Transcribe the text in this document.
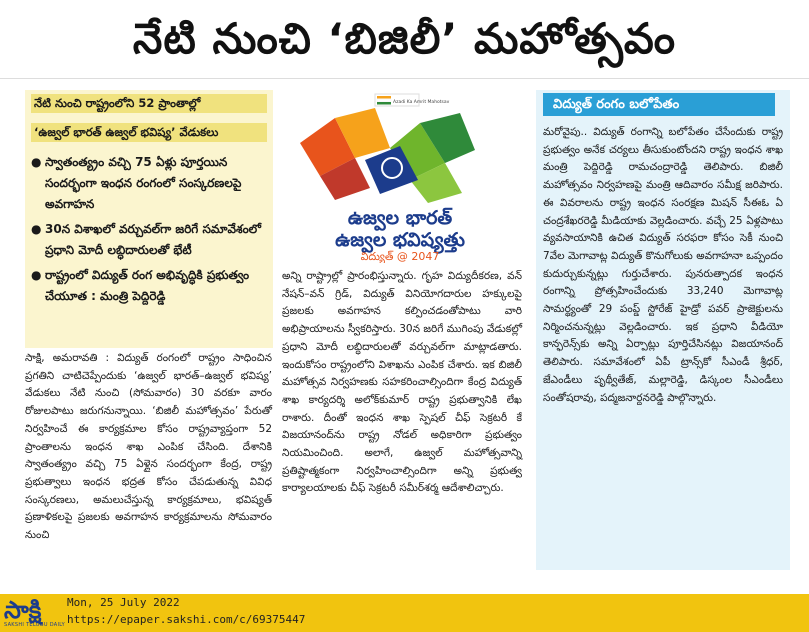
నేటి నుంచి ‘బిజిలీ’ మహోత్సవం
నేటి నుంచి రాష్ట్రంలోని 52 ప్రాంతాల్లో
‘ఉజ్వల్ భారత్ ఉజ్వల్ భవిష్య’ వేడుకలు
● స్వాతంత్య్రం వచ్చి 75 ఏళ్లు పూర్తయిన సందర్భంగా ఇంధన రంగంలో సంస్కరణలపై అవగాహన
● 30న విశాఖలో వర్చువల్‌గా జరిగే సమావేశంలో ప్రధాని మోదీ లబ్ధిదారులతో భేటీ
● రాష్ట్రంలో విద్యుత్ రంగ అభివృద్ధికి ప్రభుత్వం చేయూత : మంత్రి పెద్దిరెడ్డి
Azadi Ka Amrit Mahotsav
ఉజ్వల భారత్
ఉజ్వల భవిష్యత్తు
విద్యుత్ @ 2047
సాక్షి, అమరావతి : విద్యుత్ రంగంలో రాష్ట్రం సాధించిన ప్రగతిని చాటిచెప్పేందుకు ‘ఉజ్వల్ భారత్–ఉజ్వల్ భవిష్య’ వేడుకలు నేటి నుంచి (సోమవారం) 30 వరకూ వారం రోజులపాటు జరుగనున్నాయి. ‘బిజిలీ మహోత్సవం’ పేరుతో నిర్వహించే ఈ కార్యక్రమాల కోసం రాష్ట్రవ్యాప్తంగా 52 ప్రాంతాలను ఇంధన శాఖ ఎంపిక చేసింది. దేశానికి స్వాతంత్య్రం వచ్చి 75 ఏళ్లైన సందర్భంగా కేంద్ర, రాష్ట్ర ప్రభుత్వాలు ఇంధన భద్రత కోసం చేపడుతున్న వివిధ సంస్కరణలు, అమలుచేస్తున్న కార్యక్రమాలు, భవిష్యత్ ప్రణాళికలపై ప్రజలకు అవగాహన కార్యక్రమాలను సోమవారం నుంచి
అన్ని రాష్ట్రాల్లో ప్రారంభిస్తున్నారు. గృహ విద్యుదీకరణ, వన్ నేషన్–వన్ గ్రిడ్, విద్యుత్ వినియోగదారుల హక్కులపై ప్రజలకు అవగాహన కల్పించడంతోపాటు వారి అభిప్రాయాలను స్వీకరిస్తారు. 30న జరిగే ముగింపు వేడుకల్లో ప్రధాని మోదీ లబ్ధిదారులతో వర్చువల్‌గా మాట్లాడతారు. ఇందుకోసం రాష్ట్రంలోని విశాఖను ఎంపిక చేశారు. ఇక బిజిలీ మహోత్సవ నిర్వహణకు సహకరించాల్సిందిగా కేంద్ర విద్యుత్ శాఖ కార్యదర్శి అలోక్‌కుమార్ రాష్ట్ర ప్రభుత్వానికి లేఖ రాశారు. దీంతో ఇంధన శాఖ స్పెషల్ చీఫ్ సెక్రటరీ కే విజయానంద్‌ను రాష్ట్ర నోడల్ అధికారిగా ప్రభుత్వం నియమించింది. అలాగే, ఉజ్వల్ మహోత్సవాన్ని ప్రతిష్టాత్మకంగా నిర్వహించాల్సిందిగా అన్ని ప్రభుత్వ కార్యాలయాలకు చీఫ్ సెక్రటరీ సమీర్‌శర్మ ఆదేశాలిచ్చారు.
విద్యుత్ రంగం బలోపేతం
మరోవైపు.. విద్యుత్ రంగాన్ని బలోపేతం చేసేందుకు రాష్ట్ర ప్రభుత్వం అనేక చర్యలు తీసుకుంటోందని రాష్ట్ర ఇంధన శాఖ మంత్రి పెద్దిరెడ్డి రామచంద్రారెడ్డి తెలిపారు. బిజిలీ మహోత్సవం నిర్వహణపై మంత్రి ఆదివారం సమీక్ష జరిపారు. ఈ వివరాలను రాష్ట్ర ఇంధన సంరక్షణ మిషన్ సీఈఓ ఏ చంద్రశేఖరరెడ్డి మీడియాకు వెల్లడించారు. వచ్చే 25 ఏళ్లపాటు వ్యవసాయానికి ఉచిత విద్యుత్ సరఫరా కోసం సెకీ నుంచి 7వేల మెగావాట్ల విద్యుత్ కొనుగోలుకు అవగాహనా ఒప్పందం కుదుర్చుకున్నట్లు గుర్తుచేశారు. పునరుత్పాదక ఇంధన రంగాన్ని ప్రోత్సహించేందుకు 33,240 మెగావాట్ల సామర్థ్యంతో 29 పంప్డ్ స్టోరేజ్ హైడ్రో పవర్ ప్రాజెక్టులను నిర్మించనున్నట్లు వెల్లడించారు. ఇక ప్రధాని వీడియో కాన్ఫరెన్స్‌కు అన్ని ఏర్పాట్లు పూర్తిచేసినట్లు విజయానంద్ తెలిపారు. సమావేశంలో ఏపీ ట్రాన్స్‌కో సీఎండీ శ్రీధర్, జేఎండీలు పృథ్వీతేజ్, మల్లారెడ్డి, డిస్కంల సీఎండీలు సంతోషరావు, పద్మజనార్దనరెడ్డి పాల్గొన్నారు.
సాక్షి
SAKSHI TELUGU DAILY
Mon, 25 July 2022
https://epaper.sakshi.com/c/69375447
